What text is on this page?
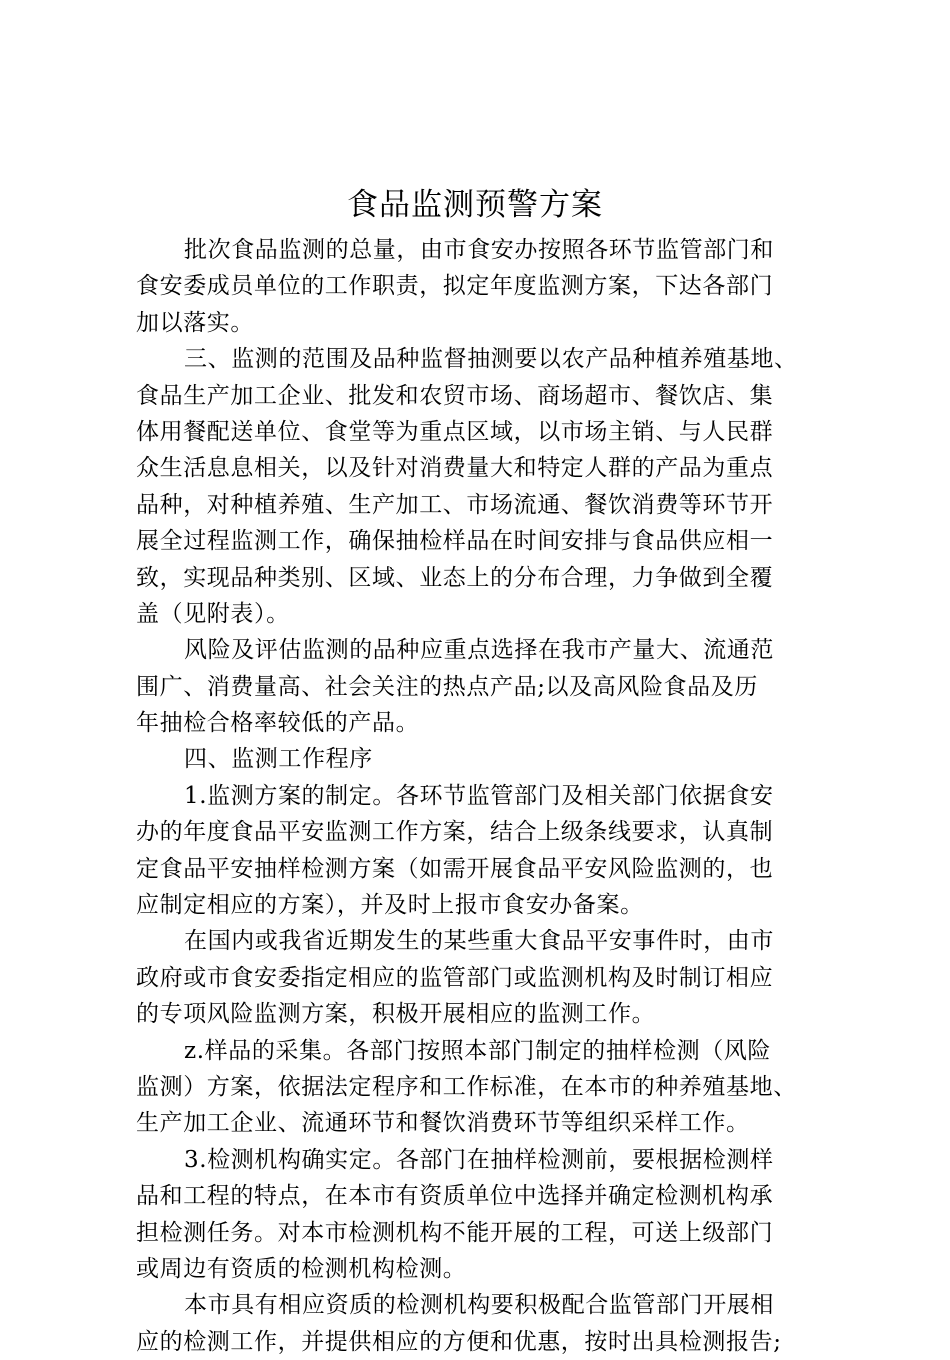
食品监测预警方案
批次食品监测的总量，由市食安办按照各环节监管部门和
食安委成员单位的工作职责，拟定年度监测方案，下达各部门
加以落实。
三、监测的范围及品种监督抽测要以农产品种植养殖基地、
食品生产加工企业、批发和农贸市场、商场超市、餐饮店、集
体用餐配送单位、食堂等为重点区域，以市场主销、与人民群
众生活息息相关，以及针对消费量大和特定人群的产品为重点
品种，对种植养殖、生产加工、市场流通、餐饮消费等环节开
展全过程监测工作，确保抽检样品在时间安排与食品供应相一
致，实现品种类别、区域、业态上的分布合理，力争做到全覆
盖（见附表）。
风险及评估监测的品种应重点选择在我市产量大、流通范
围广、消费量高、社会关注的热点产品;以及高风险食品及历
年抽检合格率较低的产品。
四、监测工作程序
1.监测方案的制定。各环节监管部门及相关部门依据食安
办的年度食品平安监测工作方案，结合上级条线要求，认真制
定食品平安抽样检测方案（如需开展食品平安风险监测的，也
应制定相应的方案），并及时上报市食安办备案。
在国内或我省近期发生的某些重大食品平安事件时，由市
政府或市食安委指定相应的监管部门或监测机构及时制订相应
的专项风险监测方案，积极开展相应的监测工作。
z.样品的采集。各部门按照本部门制定的抽样检测（风险
监测）方案，依据法定程序和工作标准，在本市的种养殖基地、
生产加工企业、流通环节和餐饮消费环节等组织采样工作。
3.检测机构确实定。各部门在抽样检测前，要根据检测样
品和工程的特点，在本市有资质单位中选择并确定检测机构承
担检测任务。对本市检测机构不能开展的工程，可送上级部门
或周边有资质的检测机构检测。
本市具有相应资质的检测机构要积极配合监管部门开展相
应的检测工作，并提供相应的方便和优惠，按时出具检测报告;
